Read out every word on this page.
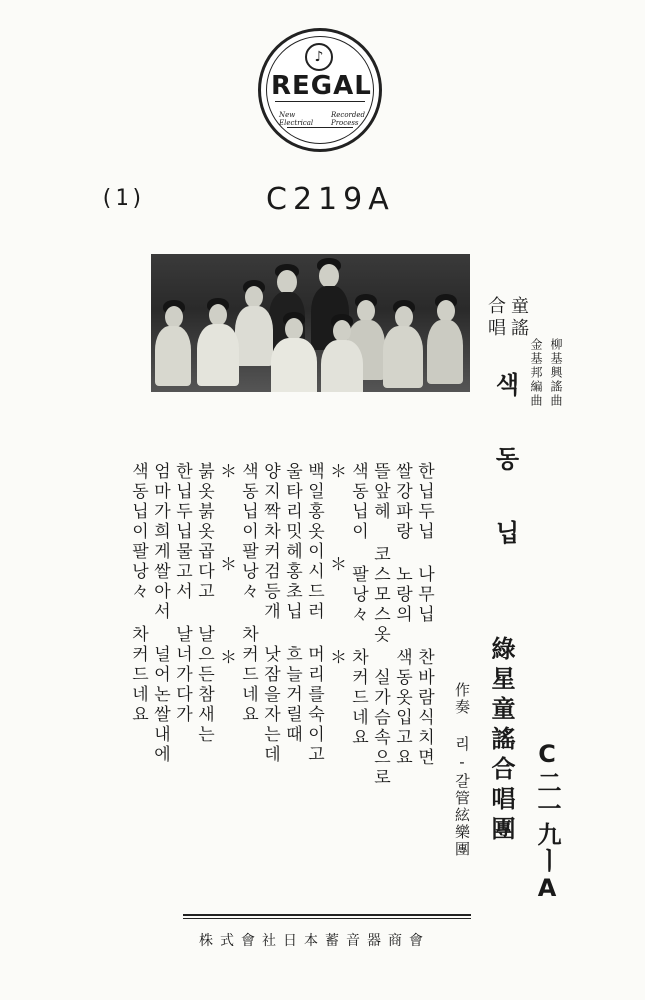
♪
REGAL
New
Electrical
Recorded
Process
(1)	C219A
童謠
合唱
柳基興謠曲
金基邦編曲
색동닙
綠星童謠合唱團
作奏 리-갈管絃樂團	C二一九ㅣA
한닙두닙 나무닙 찬바람식치면
쌀강파랑 노랑의 색동옷입고요
뜰앞헤 코스모스옷 실가슴속으로
색동닙이 팔낭々 차커드네요
＊ ＊ ＊
백일홍옷이시드러 머리를숙이고
울타리밋헤홍초닙 흐늘거릴때
양지짝차커검등개 낫잠을자는데
색동닙이팔낭々 차커드네요
＊ ＊ ＊
붉옷붉옷곱다고 날으든참새는
한닙두닙물고서 날너가다가
엄마가희게쌀아서 널어논쌀내에
색동닙이팔낭々 차커드네요
株式會社日本蓄音器商會
